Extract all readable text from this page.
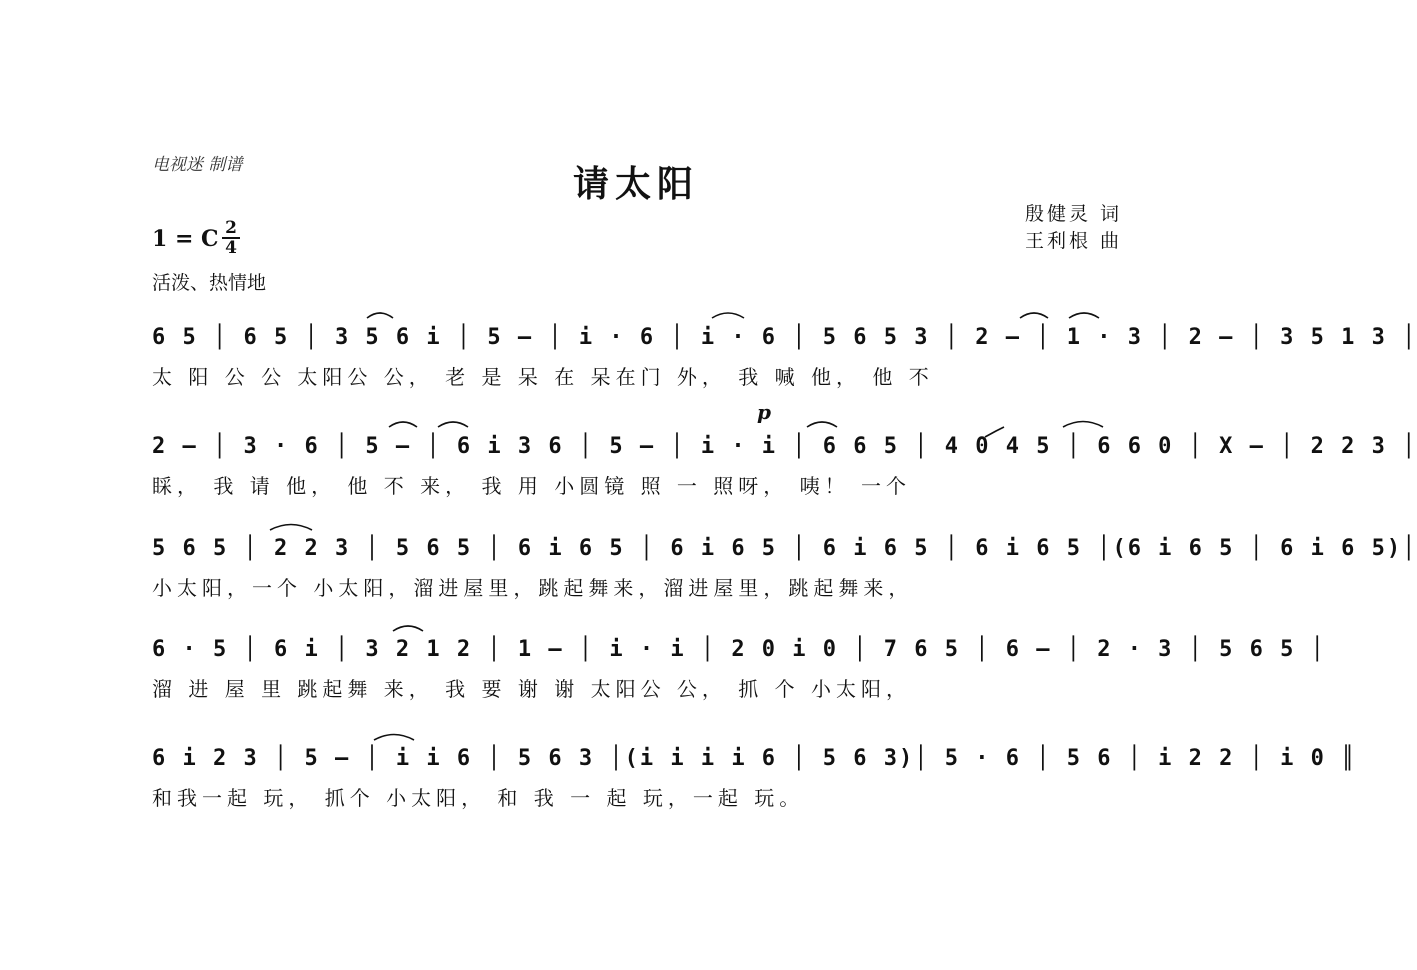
电视迷 制谱	请太阳
殷健灵 词
王利根 曲
1 = C 2
4
活泼、热情地
p
6 5 │ 6 5 │ 3 5 6 i │ 5 – │ i · 6 │ i · 6 │ 5 6 5 3 │ 2 – │ 1 · 3 │ 2 – │ 3 5 1 3 │
太 阳 公 公 太阳公 公， 老 是 呆 在 呆在门 外， 我 喊 他， 他 不
2 – │ 3 · 6 │ 5 – │ 6 i 3 6 │ 5 – │ i · i │ 6 6 5 │ 4 0 4 5 │ 6 6 0 │ X – │ 2 2 3 │
睬， 我 请 他， 他 不 来， 我 用 小圆镜 照 一 照呀， 咦！ 一个
5 6 5 │ 2 2 3 │ 5 6 5 │ 6 i 6 5 │ 6 i 6 5 │ 6 i 6 5 │ 6 i 6 5 │(6 i 6 5 │ 6 i 6 5)│
小太阳，一个 小太阳，溜进屋里，跳起舞来，溜进屋里，跳起舞来，
6 · 5 │ 6 i │ 3 2 1 2 │ 1 – │ i · i │ 2 0 i 0 │ 7 6 5 │ 6 – │ 2 · 3 │ 5 6 5 │
溜 进 屋 里 跳起舞 来， 我 要 谢 谢 太阳公 公， 抓 个 小太阳，
6 i 2 3 │ 5 – │ i i 6 │ 5 6 3 │(i i i i 6 │ 5 6 3)│ 5 · 6 │ 5 6 │ i 2 2 │ i 0 ║
和我一起 玩， 抓个 小太阳， 和 我 一 起 玩，一起 玩。
